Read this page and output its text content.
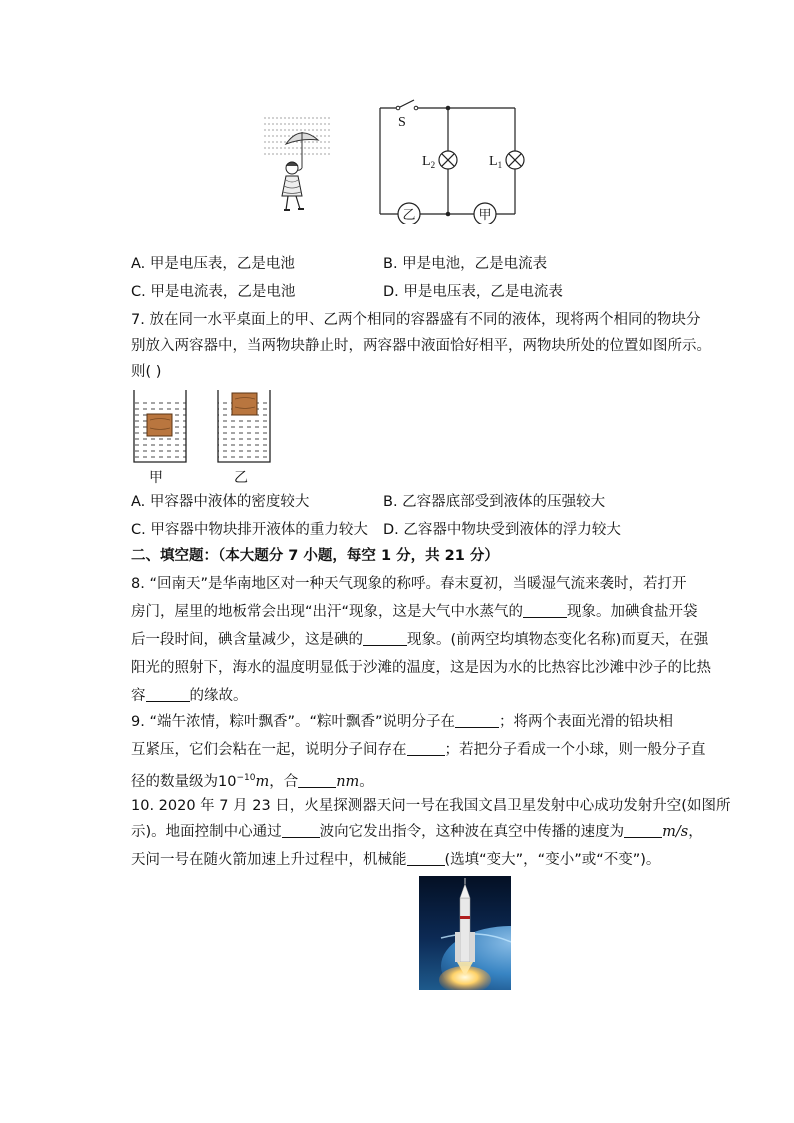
S
$L_2$	$L_1$
乙	甲
A. 甲是电压表，乙是电池	B. 甲是电池，乙是电流表
C. 甲是电流表，乙是电池	D. 甲是电压表，乙是电流表
7. 放在同一水平桌面上的甲、乙两个相同的容器盛有不同的液体，现将两个相同的物块分
别放入两容器中，当两物块静止时，两容器中液面恰好相平，两物块所处的位置如图所示。
则( )
甲	乙
A. 甲容器中液体的密度较大	B. 乙容器底部受到液体的压强较大
C. 甲容器中物块排开液体的重力较大 D. 乙容器中物块受到液体的浮力较大
二、填空题：（本大题分 7 小题，每空 1 分，共 21 分）
8. “回南天”是华南地区对一种天气现象的称呼。春末夏初，当暖湿气流来袭时，若打开
房门，屋里的地板常会出现“出汗“现象，这是大气中水蒸气的	现象。加碘食盐开袋
后一段时间，碘含量减少，这是碘的	现象。(前两空均填物态变化名称)而夏天，在强
阳光的照射下，海水的温度明显低于沙滩的温度，这是因为水的比热容比沙滩中沙子的比热
容	的缘故。
9. “端午浓情，粽叶飘香”。“粽叶飘香”说明分子在	；将两个表面光滑的铅块相
互紧压，它们会粘在一起，说明分子间存在	；若把分子看成一个小球，则一般分子直
径的数量级为$10^{-10}m$，合	nm。
10. 2020 年 7 月 23 日，火星探测器天问一号在我国文昌卫星发射中心成功发射升空(如图所
示)。地面控制中心通过	波向它发出指令，这种波在真空中传播的速度为	m/s，
天问一号在随火箭加速上升过程中，机械能	(选填“变大”，“变小”或“不变”)。
